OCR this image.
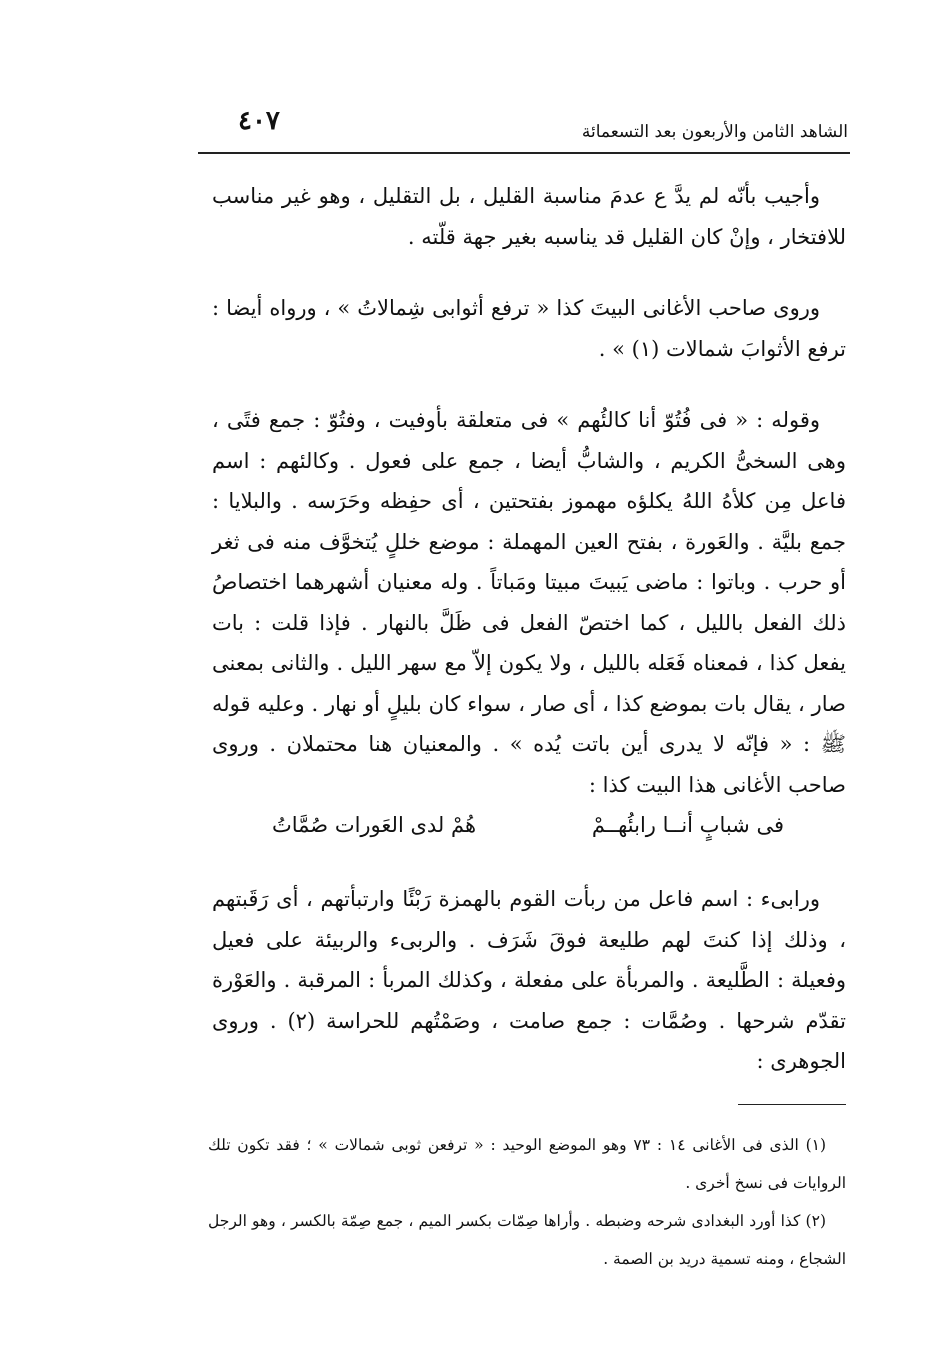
الشاهد الثامن والأربعون بعد التسعمائة
٤٠٧

وأجيب بأنّه لم يدَّ ع عدمَ مناسبة القليل ، بل التقليل ، وهو غير مناسب للافتخار ، وإنْ كان القليل قد يناسبه بغير جهة قلّته .

وروى صاحب الأغانى البيتَ كذا « ترفع أثوابى شِمالاتُ » ، ورواه أيضا : ترفع الأثوابَ شمالات (١) » .

وقوله : « فى فُتُوّ أنا كالئُهم » فى متعلقة بأوفيت ، وفتُوّ : جمع فتًى ، وهى السخىُّ الكريم ، والشابُّ أيضا ، جمع على فعول . وكالئهم : اسم فاعل مِن كلأهُ اللهُ يكلؤه مهموز بفتحتين ، أى حفِظه وحَرَسه . والبلايا : جمع بليَّة . والعَورة ، بفتح العين المهملة : موضع خللٍ يُتخوَّف منه فى ثغر أو حرب . وباتوا : ماضى يَبيتَ مبيتا ومَباتاً . وله معنيان أشهرهما اختصاصُ ذلك الفعل بالليل ، كما اختصّ الفعل فى ظَلَّ بالنهار . فإذا قلت : بات يفعل كذا ، فمعناه فَعَله بالليل ، ولا يكون إلاّ مع سهر الليل . والثانى بمعنى صار ، يقال بات بموضع كذا ، أى صار ، سواء كان بليلٍ أو نهار . وعليه قوله ﷺ : « فإنّه لا يدرى أين باتت يُده » . والمعنيان هنا محتملان . وروى صاحب الأغانى هذا البيت كذا :

فى شبابٍ أنــا رابئُهــمْ
هُمْ لدى العَورات صُمَّاتُ

ورابىء : اسم فاعل من ربأت القوم بالهمزة رَبْئًا وارتبأتهم ، أى رَقَبتهم ، وذلك إذا كنتَ لهم طليعة فوقَ شَرَف . والربىء والربيئة على فعيل وفعيلة : الطَّليعة . والمربأة على مفعلة ، وكذلك المربأ : المرقبة . والعَوْرة تقدّم شرحها . وصُمَّات : جمع صامت ، وصَمْتُهم للحراسة (٢) . وروى الجوهرى :

(١) الذى فى الأغانى ١٤ : ٧٣ وهو الموضع الوحيد : « ترفعن ثوبى شمالات » ؛ فقد تكون تلك الروايات فى نسخ أخرى .

(٢) كذا أورد البغدادى شرحه وضبطه . وأراها صِمّات بكسر الميم ، جمع صِمّة بالكسر ، وهو الرجل الشجاع ، ومنه تسمية دريد بن الصمة .
